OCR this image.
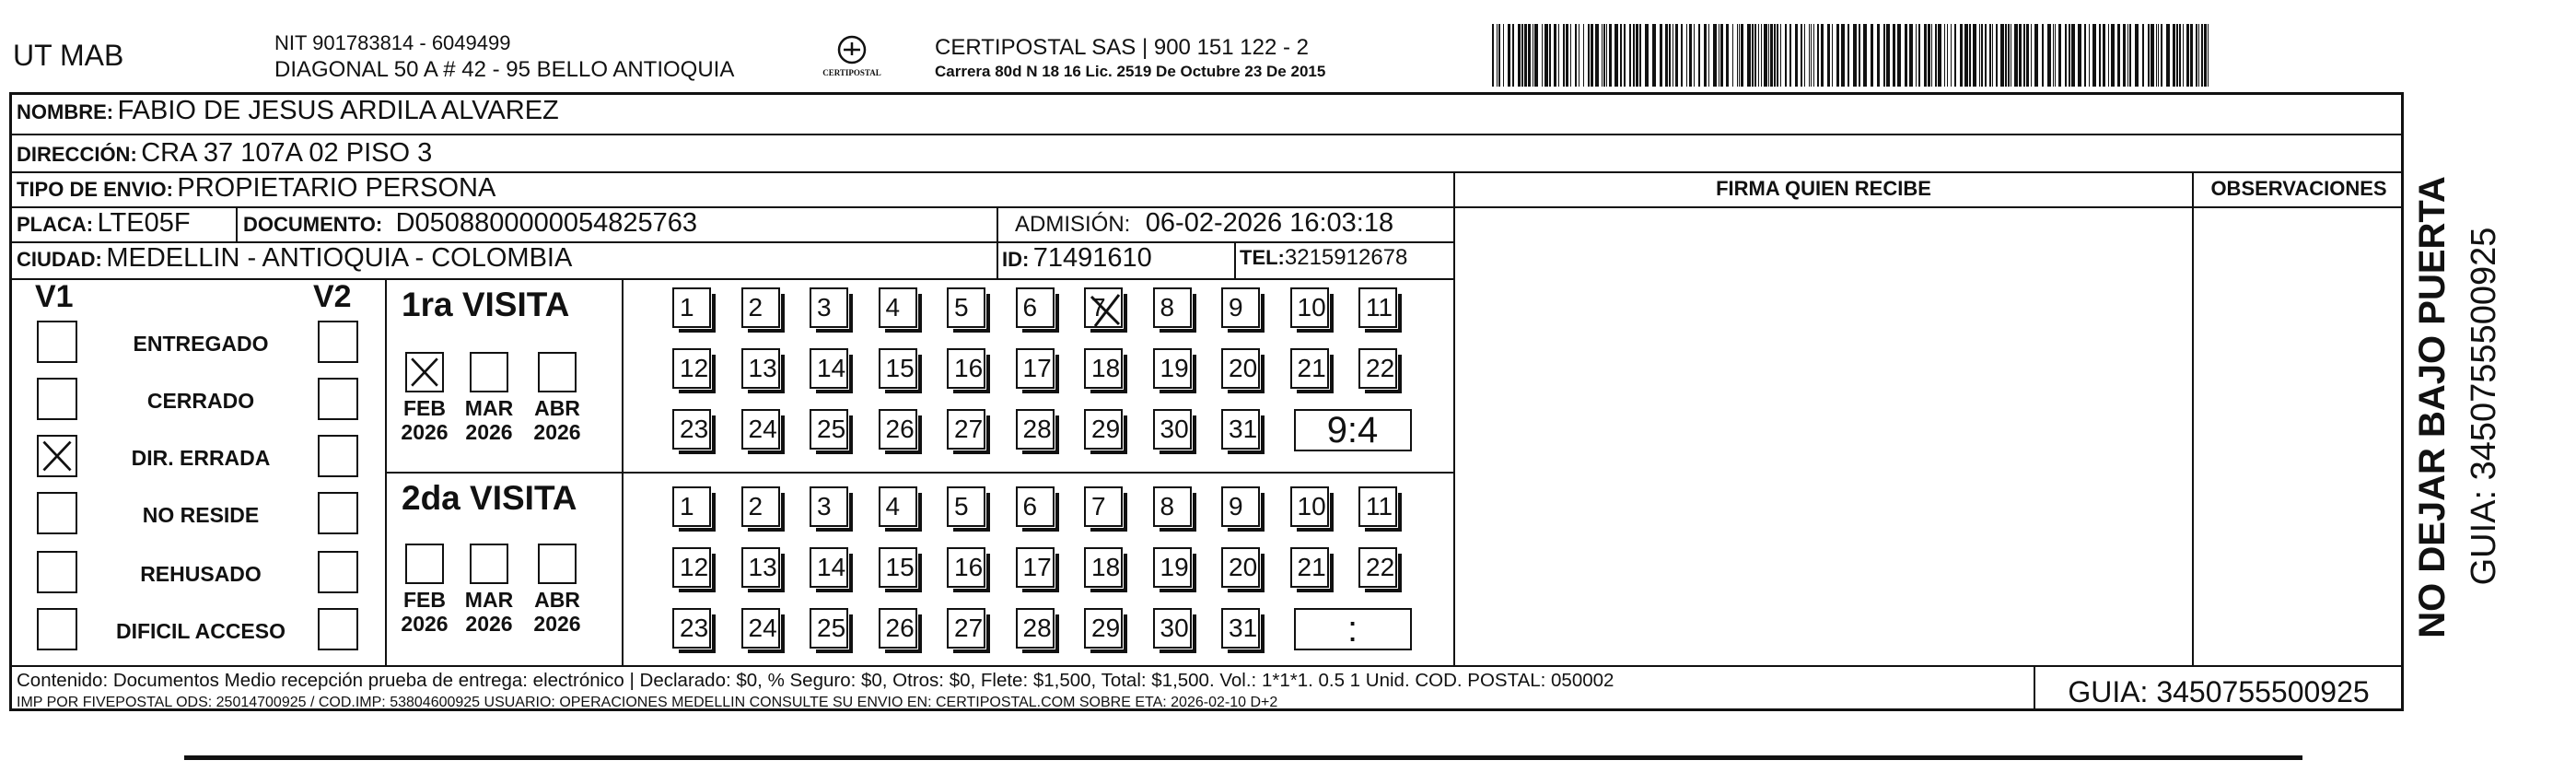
UT MAB	NIT 901783814 - 6049499
DIAGONAL 50 A # 42 - 95 BELLO ANTIOQUIA	CERTIPOSTAL
CERTIPOSTAL SAS | 900 151 122 - 2
Carrera 80d N 18 16 Lic. 2519 De Octubre 23 De 2015
NOMBRE: FABIO DE JESUS ARDILA ALVAREZ
DIRECCIÓN: CRA 37 107A 02 PISO 3
TIPO DE ENVIO: PROPIETARIO PERSONA
PLACA: LTE05F	DOCUMENTO: D0508800000054825763	ADMISIÓN: 06-02-2026 16:03:18
CIUDAD: MEDELLIN - ANTIOQUIA - COLOMBIA	ID: 71491610	TEL:3215912678
FIRMA QUIEN RECIBE	OBSERVACIONES
V1	V2
ENTREGADO
CERRADO
DIR. ERRADA
NO RESIDE
REHUSADO
DIFICIL ACCESO
1ra VISITA
FEB
2026
MAR
2026
ABR
2026
1	2	3	4	5	6	7	8	9	10 11
12 13 14 15 16 17 18 19 20 21 22
23 24 25 26 27 28 29 30 31	9:4
2da VISITA
FEB
2026
MAR
2026
ABR
2026
1	2	3	4	5	6	7	8	9	10 11
12 13 14 15 16 17 18 19 20 21 22
23 24 25 26 27 28 29 30 31	:
Contenido: Documentos Medio recepción prueba de entrega: electrónico | Declarado: $0, % Seguro: $0, Otros: $0, Flete: $1,500, Total: $1,500. Vol.: 1*1*1. 0.5 1 Unid. COD. POSTAL: 050002
IMP POR FIVEPOSTAL ODS: 25014700925 / COD.IMP: 53804600925 USUARIO: OPERACIONES MEDELLIN CONSULTE SU ENVIO EN: CERTIPOSTAL.COM SOBRE ETA: 2026-02-10 D+2	GUIA: 3450755500925
NO DEJAR BAJO PUERTA GUIA: 3450755500925
